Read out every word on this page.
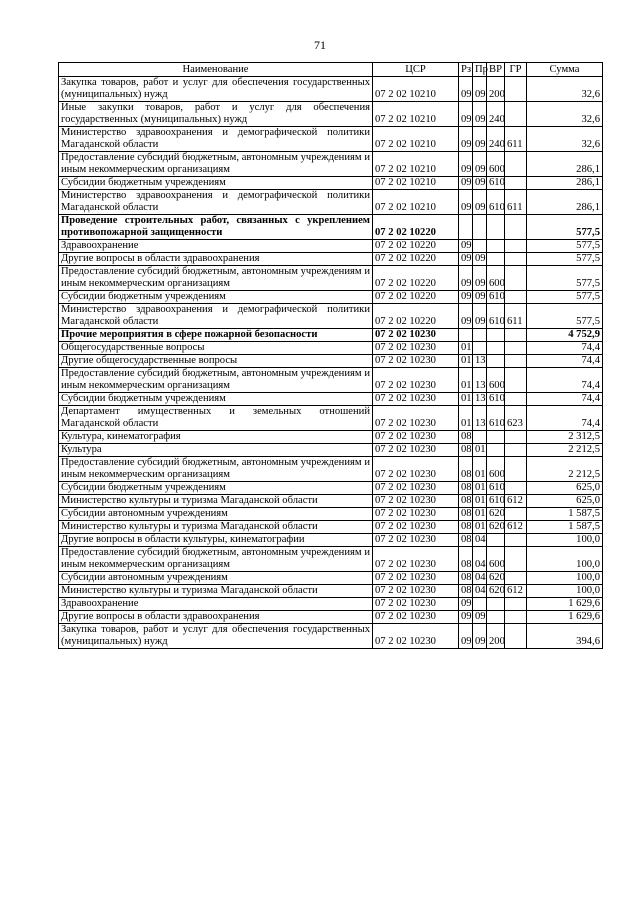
71
Наименование	ЦСР	Рз	Пр	ВР	ГР	Сумма
Закупка товаров, работ и услуг для обеспечения государственных (муниципальных) нужд	07 2 02 10210	09	09	200		32,6
Иные закупки товаров, работ и услуг для обеспечения государственных (муниципальных) нужд	07 2 02 10210	09	09	240		32,6
Министерство здравоохранения и демографической политики Магаданской области	07 2 02 10210	09	09	240	611	32,6
Предоставление субсидий бюджетным, автономным учреждениям и иным некоммерческим организациям	07 2 02 10210	09	09	600		286,1
Субсидии бюджетным учреждениям	07 2 02 10210	09	09	610		286,1
Министерство здравоохранения и демографической политики Магаданской области	07 2 02 10210	09	09	610	611	286,1
Проведение строительных работ, связанных с укреплением противопожарной защищенности	07 2 02 10220					577,5
Здравоохранение	07 2 02 10220	09				577,5
Другие вопросы в области здравоохранения	07 2 02 10220	09	09			577,5
Предоставление субсидий бюджетным, автономным учреждениям и иным некоммерческим организациям	07 2 02 10220	09	09	600		577,5
Субсидии бюджетным учреждениям	07 2 02 10220	09	09	610		577,5
Министерство здравоохранения и демографической политики Магаданской области	07 2 02 10220	09	09	610	611	577,5
Прочие мероприятия в сфере пожарной безопасности	07 2 02 10230					4 752,9
Общегосударственные вопросы	07 2 02 10230	01				74,4
Другие общегосударственные вопросы	07 2 02 10230	01	13			74,4
Предоставление субсидий бюджетным, автономным учреждениям и иным некоммерческим организациям	07 2 02 10230	01	13	600		74,4
Субсидии бюджетным учреждениям	07 2 02 10230	01	13	610		74,4
Департамент имущественных и земельных отношений Магаданской области	07 2 02 10230	01	13	610	623	74,4
Культура, кинематография	07 2 02 10230	08				2 312,5
Культура	07 2 02 10230	08	01			2 212,5
Предоставление субсидий бюджетным, автономным учреждениям и иным некоммерческим организациям	07 2 02 10230	08	01	600		2 212,5
Субсидии бюджетным учреждениям	07 2 02 10230	08	01	610		625,0
Министерство культуры и туризма Магаданской области	07 2 02 10230	08	01	610	612	625,0
Субсидии автономным учреждениям	07 2 02 10230	08	01	620		1 587,5
Министерство культуры и туризма Магаданской области	07 2 02 10230	08	01	620	612	1 587,5
Другие вопросы в области культуры, кинематографии	07 2 02 10230	08	04			100,0
Предоставление субсидий бюджетным, автономным учреждениям и иным некоммерческим организациям	07 2 02 10230	08	04	600		100,0
Субсидии автономным учреждениям	07 2 02 10230	08	04	620		100,0
Министерство культуры и туризма Магаданской области	07 2 02 10230	08	04	620	612	100,0
Здравоохранение	07 2 02 10230	09				1 629,6
Другие вопросы в области здравоохранения	07 2 02 10230	09	09			1 629,6
Закупка товаров, работ и услуг для обеспечения государственных (муниципальных) нужд	07 2 02 10230	09	09	200		394,6
